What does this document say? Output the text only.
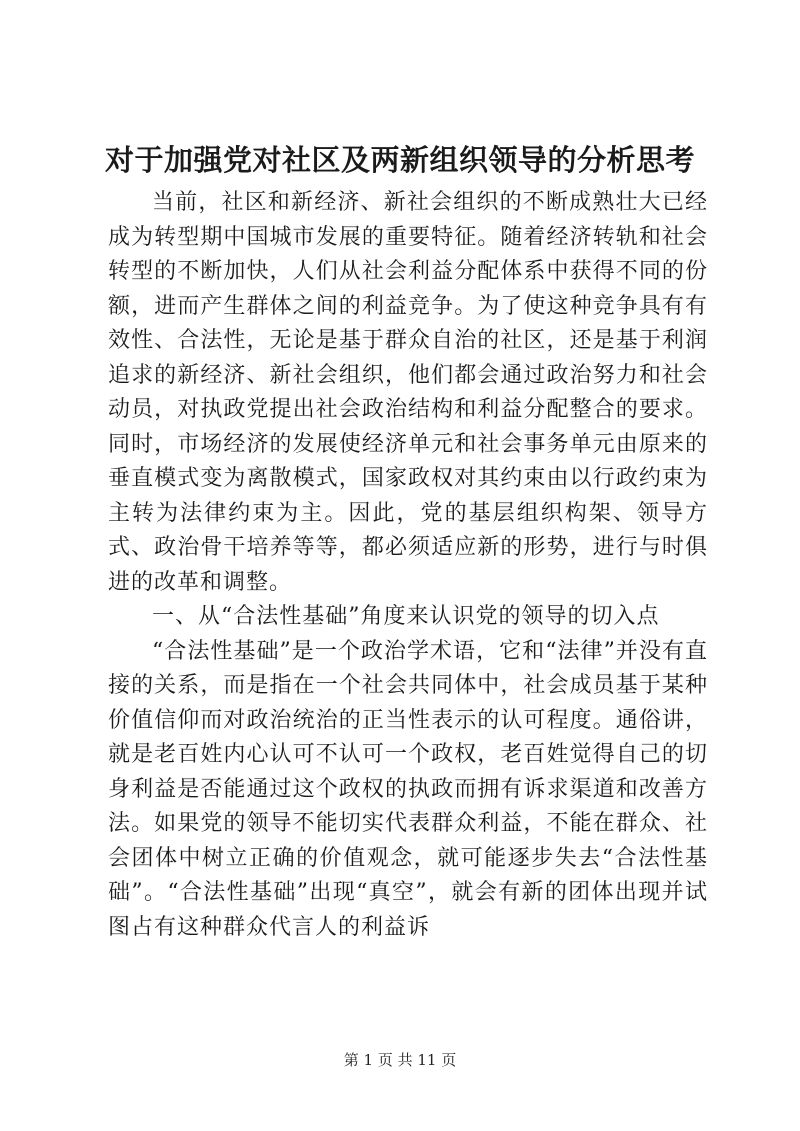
对于加强党对社区及两新组织领导的分析思考

当前，社区和新经济、新社会组织的不断成熟壮大已经成为转型期中国城市发展的重要特征。随着经济转轨和社会转型的不断加快，人们从社会利益分配体系中获得不同的份额，进而产生群体之间的利益竞争。为了使这种竞争具有有效性、合法性，无论是基于群众自治的社区，还是基于利润追求的新经济、新社会组织，他们都会通过政治努力和社会动员，对执政党提出社会政治结构和利益分配整合的要求。同时，市场经济的发展使经济单元和社会事务单元由原来的垂直模式变为离散模式，国家政权对其约束由以行政约束为主转为法律约束为主。因此，党的基层组织构架、领导方式、政治骨干培养等等，都必须适应新的形势，进行与时俱进的改革和调整。

一、从“合法性基础”角度来认识党的领导的切入点

“合法性基础”是一个政治学术语，它和“法律”并没有直接的关系，而是指在一个社会共同体中，社会成员基于某种价值信仰而对政治统治的正当性表示的认可程度。通俗讲，就是老百姓内心认可不认可一个政权，老百姓觉得自己的切身利益是否能通过这个政权的执政而拥有诉求渠道和改善方法。如果党的领导不能切实代表群众利益，不能在群众、社会团体中树立正确的价值观念，就可能逐步失去“合法性基础”。“合法性基础”出现“真空”，就会有新的团体出现并试图占有这种群众代言人的利益诉

第 1 页 共 11 页
